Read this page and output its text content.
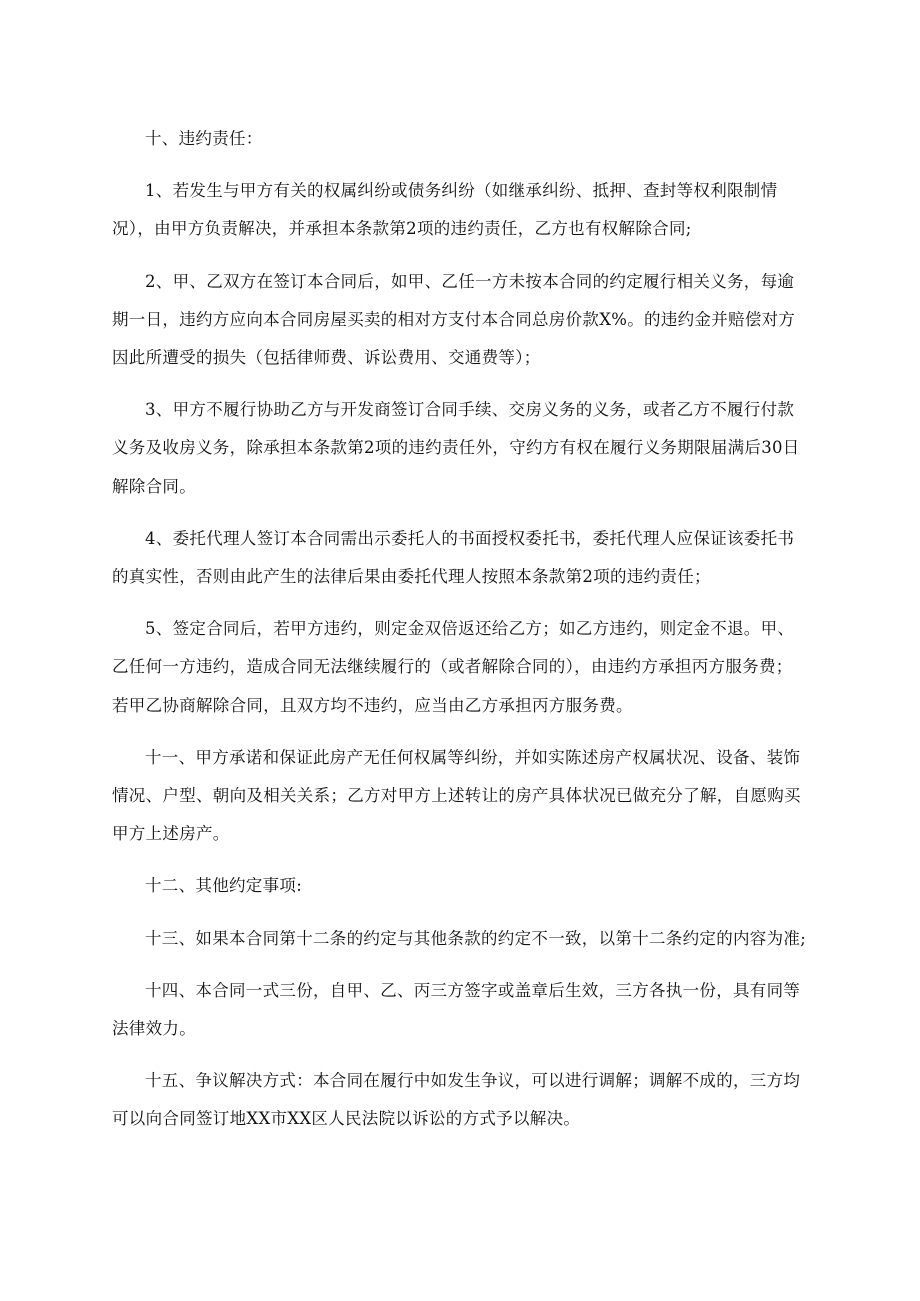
十、违约责任：

1、若发生与甲方有关的权属纠纷或债务纠纷（如继承纠纷、抵押、查封等权利限制情况），由甲方负责解决，并承担本条款第2项的违约责任，乙方也有权解除合同;

2、甲、乙双方在签订本合同后，如甲、乙任一方未按本合同的约定履行相关义务，每逾期一日，违约方应向本合同房屋买卖的相对方支付本合同总房价款X%。的违约金并赔偿对方因此所遭受的损失（包括律师费、诉讼费用、交通费等）；

3、甲方不履行协助乙方与开发商签订合同手续、交房义务的义务，或者乙方不履行付款义务及收房义务，除承担本条款第2项的违约责任外，守约方有权在履行义务期限届满后30日解除合同。

4、委托代理人签订本合同需出示委托人的书面授权委托书，委托代理人应保证该委托书的真实性，否则由此产生的法律后果由委托代理人按照本条款第2项的违约责任；

5、签定合同后，若甲方违约，则定金双倍返还给乙方；如乙方违约，则定金不退。甲、乙任何一方违约，造成合同无法继续履行的（或者解除合同的），由违约方承担丙方服务费；若甲乙协商解除合同，且双方均不违约，应当由乙方承担丙方服务费。

十一、甲方承诺和保证此房产无任何权属等纠纷，并如实陈述房产权属状况、设备、装饰情况、户型、朝向及相关关系；乙方对甲方上述转让的房产具体状况已做充分了解，自愿购买甲方上述房产。

十二、其他约定事项:

十三、如果本合同第十二条的约定与其他条款的约定不一致，以第十二条约定的内容为准;

十四、本合同一式三份，自甲、乙、丙三方签字或盖章后生效，三方各执一份，具有同等法律效力。

十五、争议解决方式：本合同在履行中如发生争议，可以进行调解；调解不成的，三方均可以向合同签订地XX市XX区人民法院以诉讼的方式予以解决。
